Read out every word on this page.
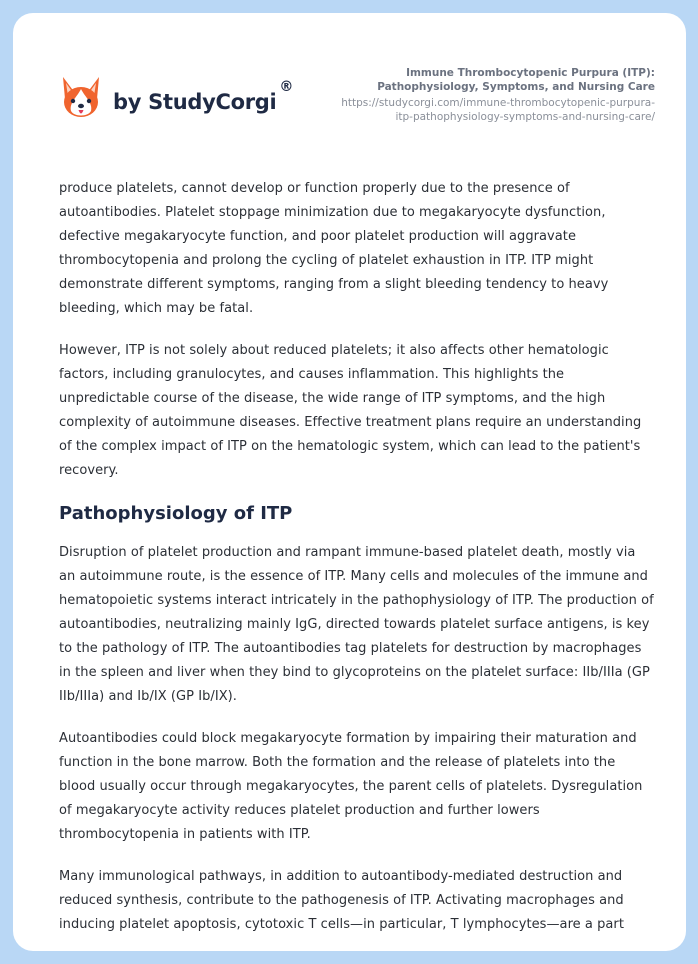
by StudyCorgi
®
Immune Thrombocytopenic Purpura (ITP):
Pathophysiology, Symptoms, and Nursing Care
https://studycorgi.com/immune-thrombocytopenic-purpura-
itp-pathophysiology-symptoms-and-nursing-care/

produce platelets, cannot develop or function properly due to the presence of autoantibodies. Platelet stoppage minimization due to megakaryocyte dysfunction, defective megakaryocyte function, and poor platelet production will aggravate thrombocytopenia and prolong the cycling of platelet exhaustion in ITP. ITP might demonstrate different symptoms, ranging from a slight bleeding tendency to heavy bleeding, which may be fatal.

However, ITP is not solely about reduced platelets; it also affects other hematologic factors, including granulocytes, and causes inflammation. This highlights the unpredictable course of the disease, the wide range of ITP symptoms, and the high complexity of autoimmune diseases. Effective treatment plans require an understanding of the complex impact of ITP on the hematologic system, which can lead to the patient's recovery.

Pathophysiology of ITP

Disruption of platelet production and rampant immune-based platelet death, mostly via an autoimmune route, is the essence of ITP. Many cells and molecules of the immune and hematopoietic systems interact intricately in the pathophysiology of ITP. The production of autoantibodies, neutralizing mainly IgG, directed towards platelet surface antigens, is key to the pathology of ITP. The autoantibodies tag platelets for destruction by macrophages in the spleen and liver when they bind to glycoproteins on the platelet surface: IIb/IIIa (GP IIb/IIIa) and Ib/IX (GP Ib/IX).

Autoantibodies could block megakaryocyte formation by impairing their maturation and function in the bone marrow. Both the formation and the release of platelets into the blood usually occur through megakaryocytes, the parent cells of platelets. Dysregulation of megakaryocyte activity reduces platelet production and further lowers thrombocytopenia in patients with ITP.

Many immunological pathways, in addition to autoantibody-mediated destruction and reduced synthesis, contribute to the pathogenesis of ITP. Activating macrophages and inducing platelet apoptosis, cytotoxic T cells—in particular, T lymphocytes—are a part
